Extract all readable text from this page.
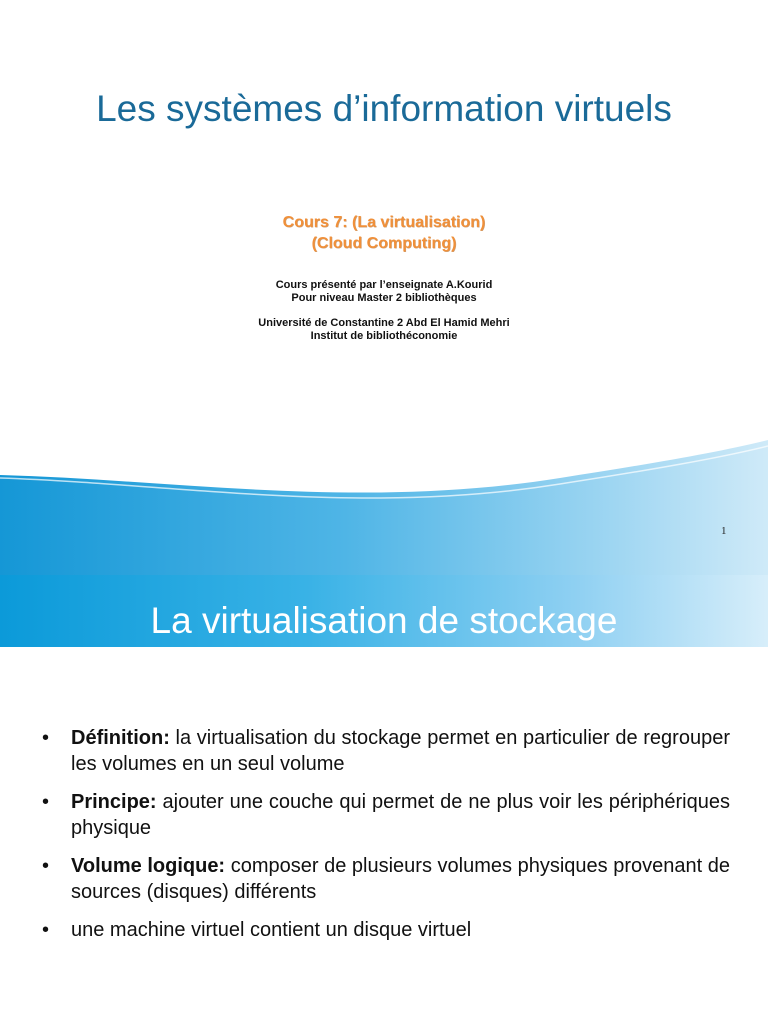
Les systèmes d’information virtuels
Cours 7: (La virtualisation)
(Cloud Computing)
Cours présenté par l’enseignate A.Kourid
Pour niveau Master 2 bibliothèques
Université de Constantine 2 Abd El Hamid Mehri
Institut de bibliothéconomie
1
La virtualisation de stockage
• Définition: la virtualisation du stockage permet en particulier de regrouper les volumes en un seul volume
• Principe: ajouter une couche qui permet de ne plus voir les périphériques physique
• Volume logique: composer de plusieurs volumes physiques provenant de sources (disques) différents
• une machine virtuel contient un disque virtuel
